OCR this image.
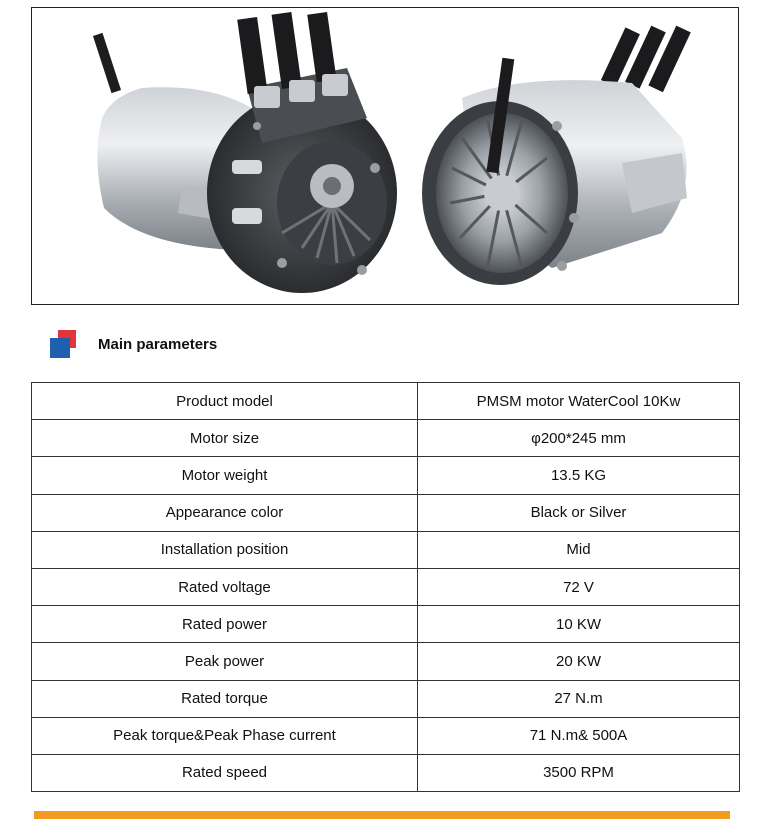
Main parameters
Product model	PMSM motor WaterCool 10Kw
Motor size	φ200*245 mm
Motor weight	13.5 KG
Appearance color	Black or Silver
Installation position	Mid
Rated voltage	72 V
Rated power	10 KW
Peak power	20 KW
Rated torque	27 N.m
Peak torque&Peak Phase current	71 N.m& 500A
Rated speed	3500 RPM
